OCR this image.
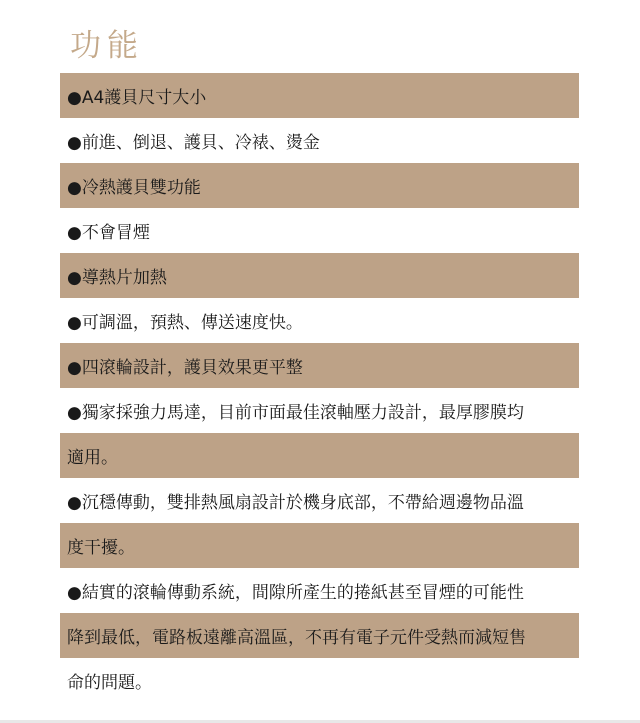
功能
●A4護貝尺寸大小
●前進、倒退、護貝、冷裱、燙金
●冷熱護貝雙功能
●不會冒煙
●導熱片加熱
●可調溫，預熱、傳送速度快。
●四滾輪設計，護貝效果更平整
●獨家採強力馬達，目前市面最佳滾軸壓力設計，最厚膠膜均
適用。
●沉穩傳動，雙排熱風扇設計於機身底部，不帶給週邊物品溫
度干擾。
●結實的滾輪傳動系統，間隙所產生的捲紙甚至冒煙的可能性
降到最低，電路板遠離高溫區，不再有電子元件受熱而減短售
命的問題。
